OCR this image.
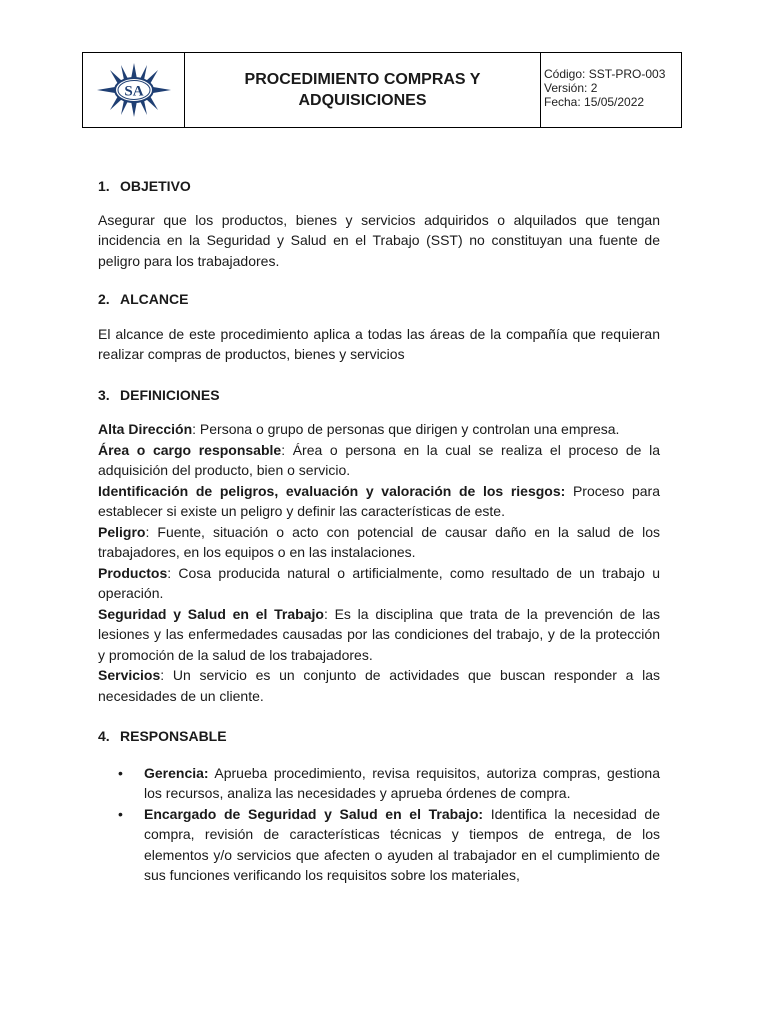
SA
PROCEDIMIENTO COMPRAS Y ADQUISICIONES
Código: SST-PRO-003
Versión: 2
Fecha: 15/05/2022
1. OBJETIVO

Asegurar que los productos, bienes y servicios adquiridos o alquilados que tengan incidencia en la Seguridad y Salud en el Trabajo (SST) no constituyan una fuente de peligro para los trabajadores.

2. ALCANCE

El alcance de este procedimiento aplica a todas las áreas de la compañía que requieran realizar compras de productos, bienes y servicios

3. DEFINICIONES

Alta Dirección: Persona o grupo de personas que dirigen y controlan una empresa.

Área o cargo responsable: Área o persona en la cual se realiza el proceso de la adquisición del producto, bien o servicio.

Identificación de peligros, evaluación y valoración de los riesgos: Proceso para establecer si existe un peligro y definir las características de este.

Peligro: Fuente, situación o acto con potencial de causar daño en la salud de los trabajadores, en los equipos o en las instalaciones.

Productos: Cosa producida natural o artificialmente, como resultado de un trabajo u operación.

Seguridad y Salud en el Trabajo: Es la disciplina que trata de la prevención de las lesiones y las enfermedades causadas por las condiciones del trabajo, y de la protección y promoción de la salud de los trabajadores.

Servicios: Un servicio es un conjunto de actividades que buscan responder a las necesidades de un cliente.

4. RESPONSABLE
• Gerencia: Aprueba procedimiento, revisa requisitos, autoriza compras, gestiona los recursos, analiza las necesidades y aprueba órdenes de compra.
• Encargado de Seguridad y Salud en el Trabajo: Identifica la necesidad de compra, revisión de características técnicas y tiempos de entrega, de los elementos y/o servicios que afecten o ayuden al trabajador en el cumplimiento de sus funciones verificando los requisitos sobre los materiales,
